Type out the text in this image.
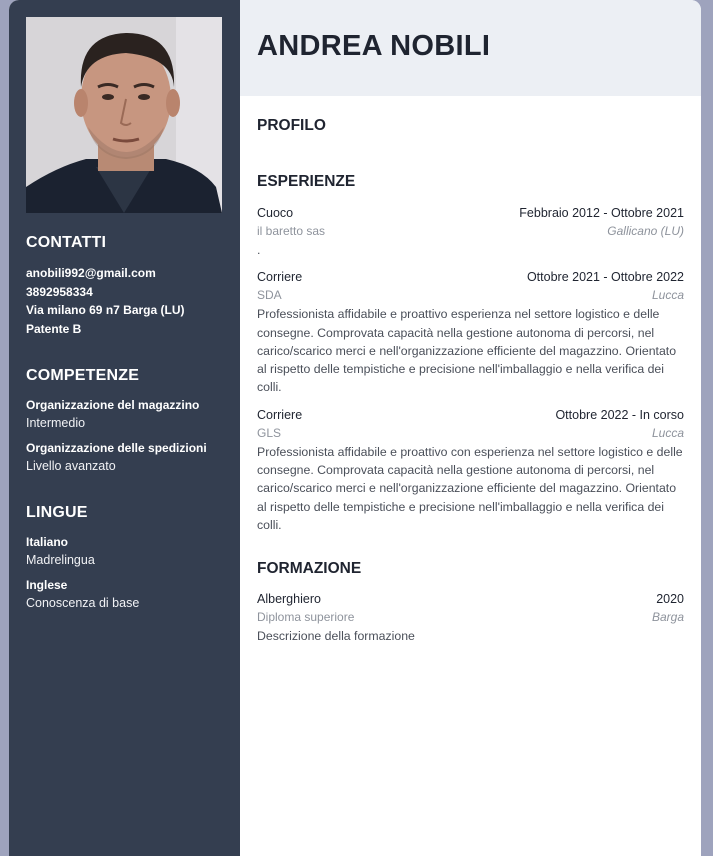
CONTATTI
anobili992@gmail.com
3892958334
Via milano 69 n7 Barga (LU)
Patente B
COMPETENZE
Organizzazione del magazzino
Intermedio
Organizzazione delle spedizioni
Livello avanzato
LINGUE
Italiano
Madrelingua
Inglese
Conoscenza di base
ANDREA NOBILI
PROFILO
ESPERIENZE
Cuoco	Febbraio 2012 - Ottobre 2021
il baretto sas	Gallicano (LU)
.
Corriere	Ottobre 2021 - Ottobre 2022
SDA	Lucca
Professionista affidabile e proattivo esperienza nel settore logistico e delle consegne. Comprovata capacità nella gestione autonoma di percorsi, nel carico/scarico merci e nell'organizzazione efficiente del magazzino. Orientato al rispetto delle tempistiche e precisione nell'imballaggio e nella verifica dei colli.
Corriere	Ottobre 2022 - In corso
GLS	Lucca
Professionista affidabile e proattivo con esperienza nel settore logistico e delle consegne. Comprovata capacità nella gestione autonoma di percorsi, nel carico/scarico merci e nell'organizzazione efficiente del magazzino. Orientato al rispetto delle tempistiche e precisione nell'imballaggio e nella verifica dei colli.
FORMAZIONE
Alberghiero	2020
Diploma superiore	Barga
Descrizione della formazione
